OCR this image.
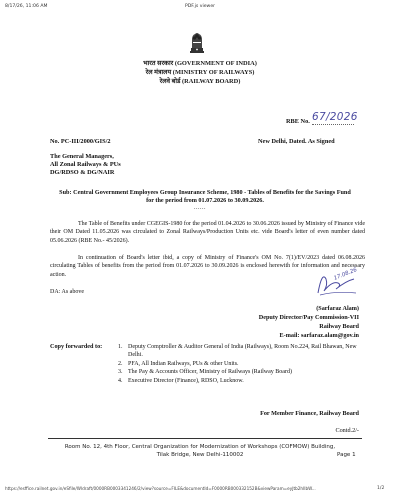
8/17/26, 11:06 AM	PDF.js viewer
भारत सरकार (GOVERNMENT OF INDIA)
रेल मंत्रालय (MINISTRY OF RAILWAYS)
रेलवे बोर्ड (RAILWAY BOARD)
RBE No. 67/2026
No. PC-III/2000/GIS/2	New Delhi, Dated. As Signed
The General Managers,
All Zonal Railways & PUs
DG/RDSO & DG/NAIR
Sub: Central Government Employees Group Insurance Scheme, 1980 - Tables of Benefits for the Savings Fund for the period from 01.07.2026 to 30.09.2026.
......
The Table of Benefits under CGEGIS-1980 for the period 01.04.2026 to 30.06.2026 issued by Ministry of Finance vide their OM Dated 11.05.2026 was circulated to Zonal Railways/Production Units etc. vide Board's letter of even number dated 05.06.2026 (RBE No.- 45/2026).
In continuation of Board's letter ibid, a copy of Ministry of Finance's OM No. 7(1)/EV/2023 dated 06.08.2026 circulating Tables of benefits from the period from 01.07.2026 to 30.09.2026 is enclosed herewith for information and necessary action.
DA: As above
17.08.26
(Sarfaraz Alam)
Deputy Director/Pay Commission-VII
Railway Board
E-mail: sarfaraz.alam@gov.in
Copy forwarded to:	1. Deputy Comptroller & Auditor General of India (Railways), Room No.224, Rail Bhawan, New Delhi.
2. PFA, All Indian Railways, PUs & other Units.
3. The Pay & Accounts Officer, Ministry of Railways (Railway Board)
4. Executive Director (Finance), RDSO, Lucknow.
For Member Finance, Railway Board
Contd.2/-
Room No. 12, 4th Floor, Central Organization for Modernization of Workshops (COFMOW) Building,
Tilak Bridge, New Delhi-110002	Page 1
https://esffice.railnet.gov.in/eSfile/Wldraft/0000RB0003341246/2/view?source=FILE&documentId=F0000RB000332152B&viewParam=eyJtb2hlIbW...	1/2
